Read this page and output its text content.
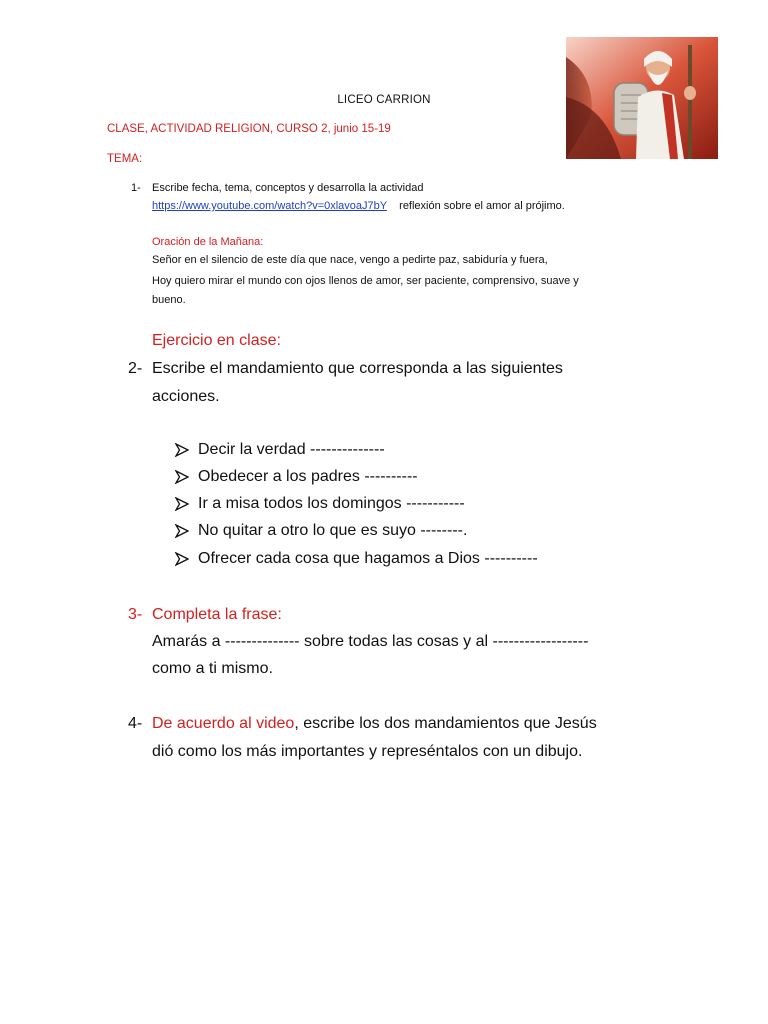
LICEO CARRION
CLASE, ACTIVIDAD RELIGION, CURSO 2, junio 15-19
TEMA:
1- Escribe fecha, tema, conceptos y desarrolla la actividad
https://www.youtube.com/watch?v=0xlavoaJ7bY reflexión sobre el amor al prójimo.
Oración de la Mañana:
Señor en el silencio de este día que nace, vengo a pedirte paz, sabiduría y fuera,
Hoy quiero mirar el mundo con ojos llenos de amor, ser paciente, comprensivo, suave y
bueno.
Ejercicio en clase:
2- Escribe el mandamiento que corresponda a las siguientes
acciones.
Decir la verdad --------------
Obedecer a los padres ----------
Ir a misa todos los domingos -----------
No quitar a otro lo que es suyo --------.
Ofrecer cada cosa que hagamos a Dios ----------
3- Completa la frase:
Amarás a -------------- sobre todas las cosas y al ------------------
como a ti mismo.
4- De acuerdo al video, escribe los dos mandamientos que Jesús
dió como los más importantes y represéntalos con un dibujo.
